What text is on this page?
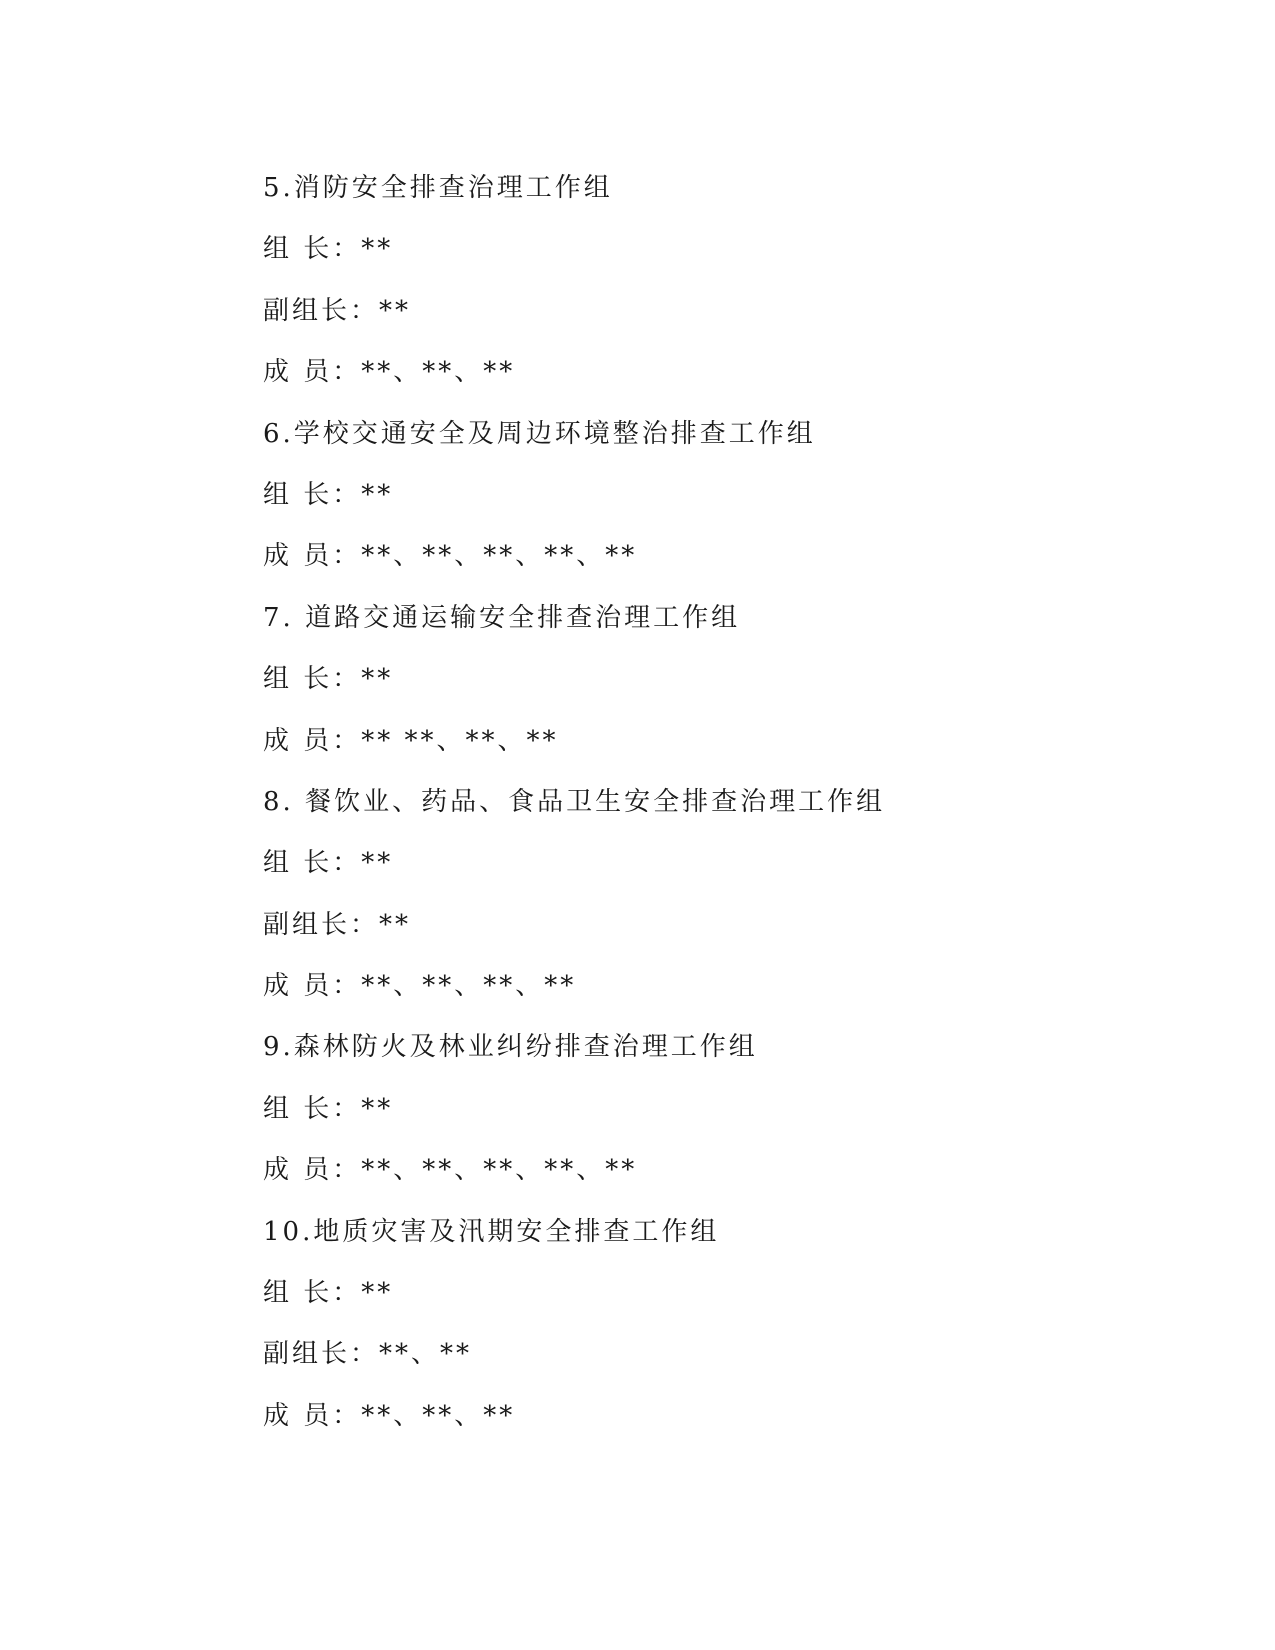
5.消防安全排查治理工作组
组 长：**
副组长：**
成 员：**、**、**
6.学校交通安全及周边环境整治排查工作组
组 长：**
成 员：**、**、**、**、**
7. 道路交通运输安全排查治理工作组
组 长：**
成 员：** **、**、**
8. 餐饮业、药品、食品卫生安全排查治理工作组
组 长：**
副组长：**
成 员：**、**、**、**
9.森林防火及林业纠纷排查治理工作组
组 长：**
成 员：**、**、**、**、**
10.地质灾害及汛期安全排查工作组
组 长：**
副组长：**、**
成 员：**、**、**
